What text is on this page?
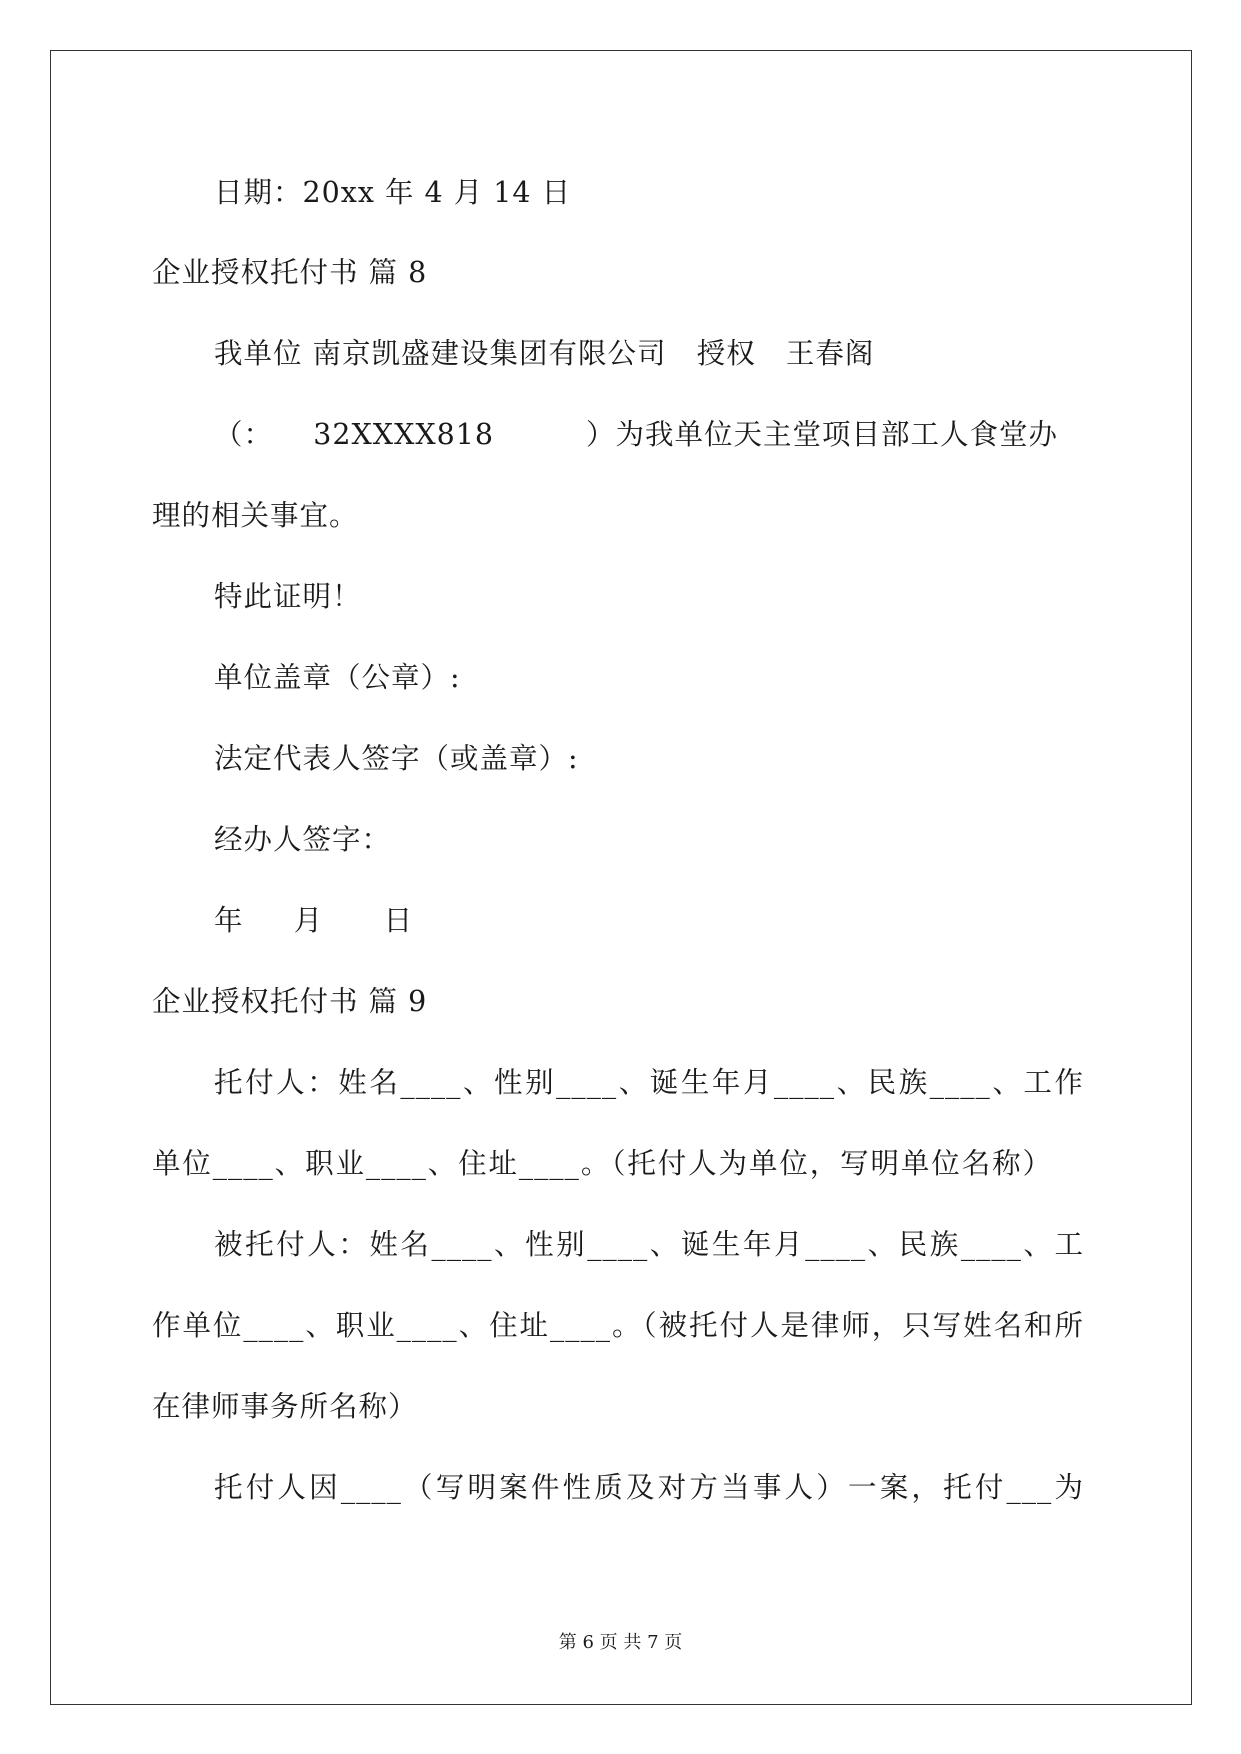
日期：20xx 年 4 月 14 日
企业授权托付书 篇 8
我单位 南京凯盛建设集团有限公司   授权   王春阁
（：    32XXXX818	）为我单位天主堂项目部工人食堂办
理的相关事宜。
特此证明！
单位盖章（公章）:
法定代表人签字（或盖章）:
经办人签字：
年     月      日
企业授权托付书 篇 9
托付人：姓名____、性别____、诞生年月____、民族____、工作
单位____、职业____、住址____。（托付人为单位，写明单位名称）
被托付人：姓名____、性别____、诞生年月____、民族____、工
作单位____、职业____、住址____。（被托付人是律师，只写姓名和所
在律师事务所名称）
托付人因____（写明案件性质及对方当事人）一案，托付___为
第 6 页 共 7 页
